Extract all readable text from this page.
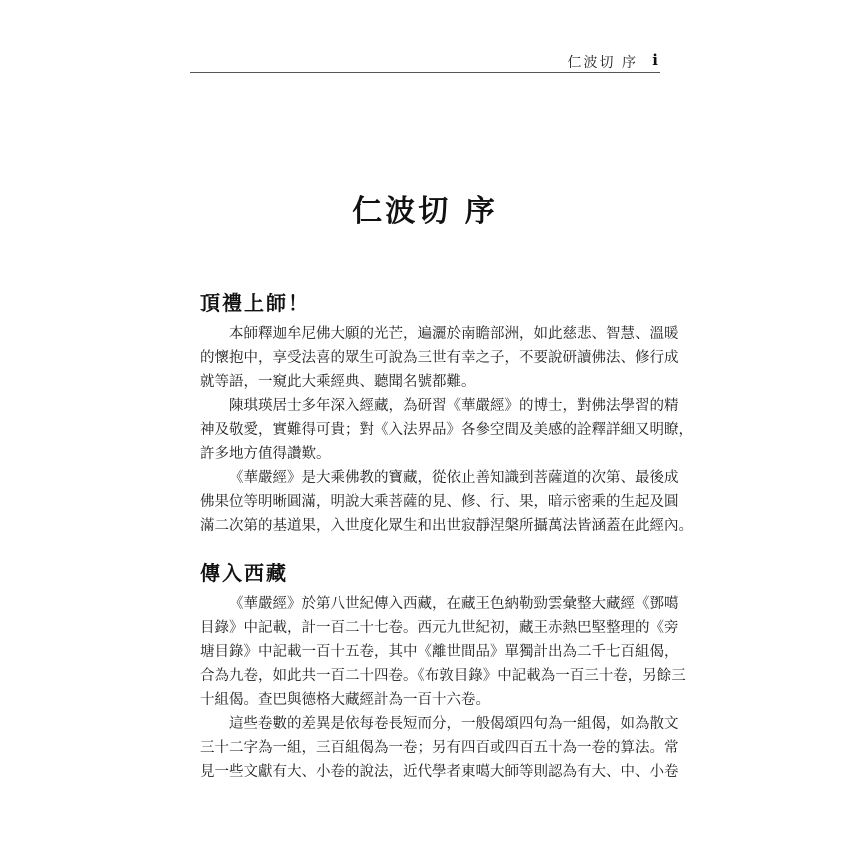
仁波切 序 i
仁波切 序
頂禮上師！
本師釋迦牟尼佛大願的光芒，遍灑於南瞻部洲，如此慈悲、智慧、溫暖
的懷抱中，享受法喜的眾生可說為三世有幸之子，不要說研讀佛法、修行成
就等語，一窺此大乘經典、聽聞名號都難。
陳琪瑛居士多年深入經藏，為研習《華嚴經》的博士，對佛法學習的精
神及敬愛，實難得可貴；對《入法界品》各參空間及美感的詮釋詳細又明瞭，
許多地方值得讚歎。
《華嚴經》是大乘佛教的寶藏，從依止善知識到菩薩道的次第、最後成
佛果位等明晰圓滿，明說大乘菩薩的見、修、行、果，暗示密乘的生起及圓
滿二次第的基道果，入世度化眾生和出世寂靜涅槃所攝萬法皆涵蓋在此經內。
傳入西藏
《華嚴經》於第八世紀傳入西藏，在藏王色納勒勁雲彙整大藏經《鄧噶
目錄》中記載，計一百二十七卷。西元九世紀初，藏王赤熱巴堅整理的《旁
塘目錄》中記載一百十五卷，其中《離世間品》單獨計出為二千七百組偈，
合為九卷，如此共一百二十四卷。《布敦目錄》中記載為一百三十卷，另餘三
十組偈。查巴與德格大藏經計為一百十六卷。
這些卷數的差異是依每卷長短而分，一般偈頌四句為一組偈，如為散文
三十二字為一組，三百組偈為一卷；另有四百或四百五十為一卷的算法。常
見一些文獻有大、小卷的說法，近代學者東噶大師等則認為有大、中、小卷
